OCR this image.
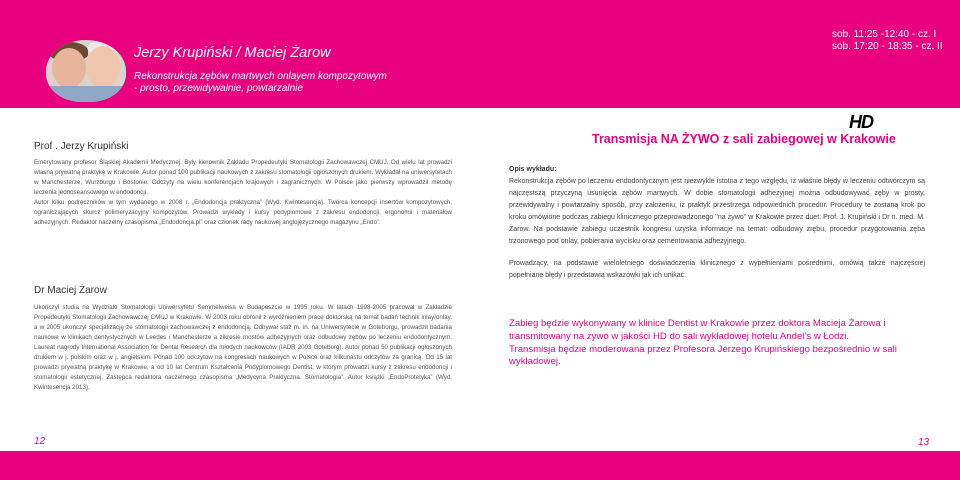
Jerzy Krupiński / Maciej Żarow
Rekonstrukcja zębów martwych onlayem kompozytowym
- prosto, przewidywalnie, powtarzalnie
sob. 11:25 -12:40 - cz. I
sob. 17:20 - 18:35 - cz. II
Prof . Jerzy Krupiński

Emerytowany profesor Śląskiej Akademii Medycznej. Były kierownik Zakładu Propedeutyki Stomatologii Zachowawczej CMUJ. Od wielu lat prowadzi własną prywatną praktykę w Krakowie. Autor ponad 100 publikacji naukowych z zakresu stomatologii ogłoszonych drukiem. Wykładał na uniwersytetach w Manchesterze, Wurzburgu i Bostonie. Odczyty na wielu konferencjach krajowych i zagranicznych. W Polsce jako pierwszy wprowadził metodę leczenia jednoseansowego w endodoncji.

Autor kilku podręczników w tym wydanego w 2008 r. „Endodoncja praktyczna” (Wyd. Kwintesencja). Twórca koncepcji insertów kompozytowych, ograniczających skurcz polimeryzacyjny kompozytów. Prowadzi wykłady i kursy podyplomowe z zakresu endodoncji, ergonomii i materiałów adhezyjnych. Redaktor naczelny czasopisma „Endodoncja.pl” oraz członek rady naukowej anglojęzycznego magazynu „Endo”.

Dr Maciej Żarow

Ukończył studia na Wydziale Stomatologii Uniwersytetu Semmelweisa w Budapeszcie w 1995 roku. W latach 1998-2005 pracował w Zakładzie Propedeutyki Stomatologii Zachowawczej CMUJ w Krakowie. W 2003 roku obronił z wyróżnieniem pracę doktorską na temat badań technik inlay/onlay, a w 2005 ukończył specjalizację ze stomatologii zachowawczej z endodoncją. Odbywał staż m. in. na Uniwersytecie w Goteborgu, prowadził badania naukowe w klinikach dentystycznych w Leedes i Manchesterze a zikresie mostów adhezyjnych oraz odbudowy zębów po leczeniu endodontycznym. Laureat nagrody International Association for Dental Research dla młodych naukowców (IADR 2003 Goteborg). Autor ponad 50 publikacji ogłoszonych drukiem w j. polskim oraz w j. angielskim. Ponad 100 odczytów na kongresach naukowych w Polsce oraz kilkunastu odczytów za granicą. Od 15 lat prowadzi prywatną praktykę w Krakowie, a od 10 lat Centrum Kształcenia Podyplomowego Dentist, w którym prowadzi kursy z zakresu endodoncji i stomatologii estetycznej. Zastępca redaktora naczelnego czasopisma „Medycyna Praktyczna. Stomatologia”. Autor książki „EndoProtetyka” (Wyd. Kwintesencja 2013).

12
HD
Transmisja NA ŻYWO z sali zabiegowej w Krakowie
Opis wykładu:
Rekonstrukcja zębów po leczeniu endodontycznym jest niezwykle istotna z tego względu, iż właśnie błędy w leczeniu odtwórczym są najczęstszą przyczyną usunięcia zębów martwych. W dobie stomatologii adhezyjnej można odbudowywać zęby w prosty, przewidywalny i powtarzalny sposób, przy założeniu, iż praktyk przestrzega odpowiednich procedur. Procedury te zostaną krok po kroku omówione podczas zabiegu klinicznego przeprowadzonego "na żywo" w Krakowie przez duet: Prof. J. Krupiński i Dr n. med. M. Żarow. Na podstawie zabiegu uczestnik kongresu uzyska informacje na temat: odbudowy zrębu, procedur przygotowania zęba trzonowego pod onlay, pobierania wycisku oraz cementowania adhezyjnego.
Prowadzący, na podstawie wieloletniego doświadczenia klinicznego z wypełnieniami pośrednimi, omówią także najczęściej popełniane błędy i przedstawią wskazówki jak ich unikać.

Zabieg będzie wykonywany w klinice Dentist w Krakowie przez doktora Macieja Żarowa i transmitowany na żywo w jakości HD do sali wykładowej hotelu Andel’s w Łodzi.

Transmisja będzie moderowana przez Profesora Jerzego Krupińskiego bezpośrednio w sali wykładowej.

13
